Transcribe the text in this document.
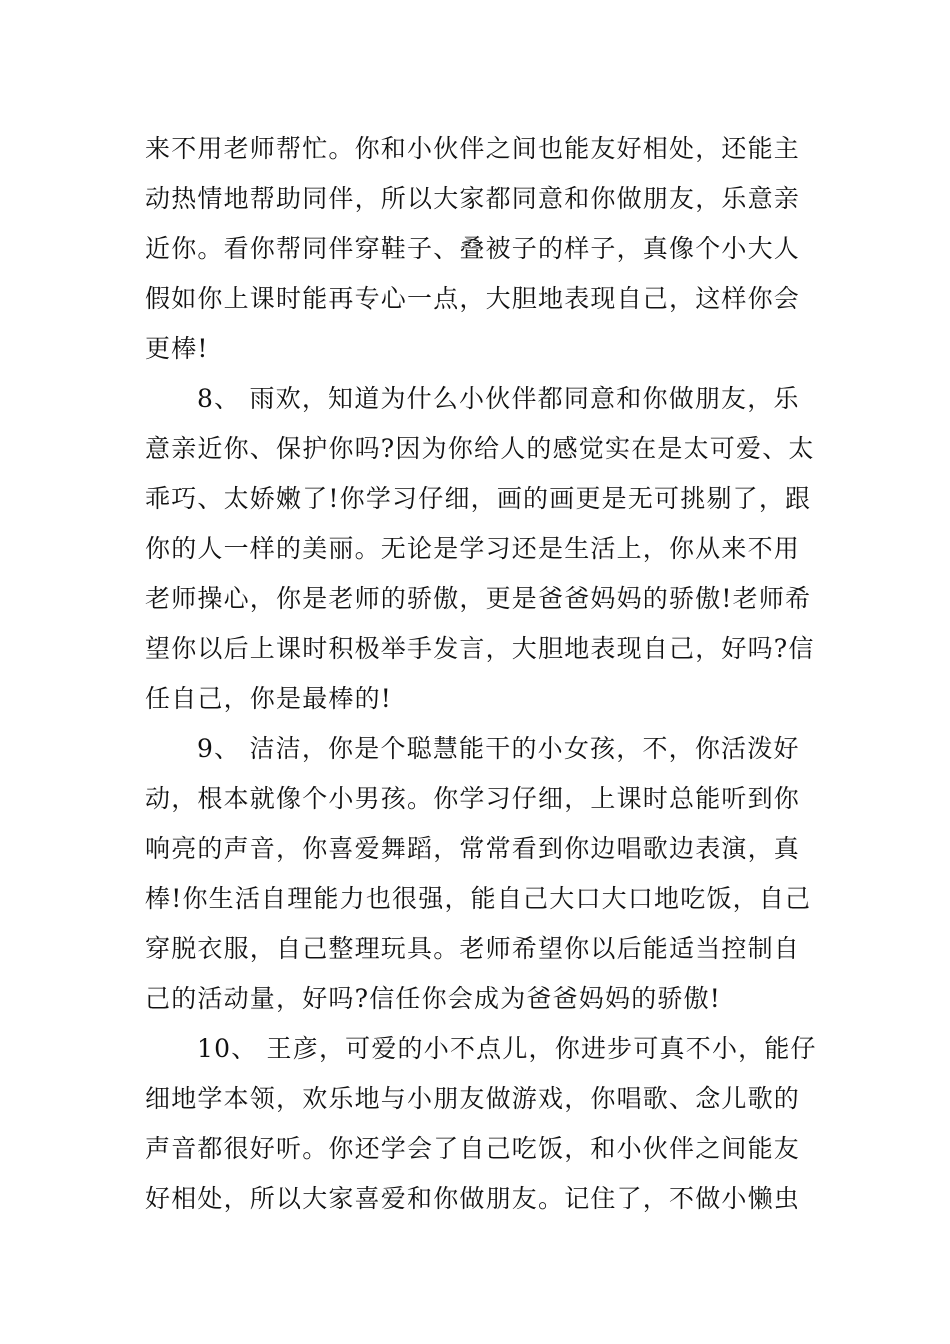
来不用老师帮忙。你和小伙伴之间也能友好相处，还能主
动热情地帮助同伴，所以大家都同意和你做朋友，乐意亲
近你。看你帮同伴穿鞋子、叠被子的样子，真像个小大人
假如你上课时能再专心一点，大胆地表现自己，这样你会
更棒!
8、 雨欢，知道为什么小伙伴都同意和你做朋友，乐
意亲近你、保护你吗?因为你给人的感觉实在是太可爱、太
乖巧、太娇嫩了!你学习仔细，画的画更是无可挑剔了，跟
你的人一样的美丽。无论是学习还是生活上，你从来不用
老师操心，你是老师的骄傲，更是爸爸妈妈的骄傲!老师希
望你以后上课时积极举手发言，大胆地表现自己，好吗?信
任自己，你是最棒的!
9、 洁洁，你是个聪慧能干的小女孩，不，你活泼好
动，根本就像个小男孩。你学习仔细，上课时总能听到你
响亮的声音，你喜爱舞蹈，常常看到你边唱歌边表演，真
棒!你生活自理能力也很强，能自己大口大口地吃饭，自己
穿脱衣服，自己整理玩具。老师希望你以后能适当控制自
己的活动量，好吗?信任你会成为爸爸妈妈的骄傲!
10、 王彦，可爱的小不点儿，你进步可真不小，能仔
细地学本领，欢乐地与小朋友做游戏，你唱歌、念儿歌的
声音都很好听。你还学会了自己吃饭，和小伙伴之间能友
好相处，所以大家喜爱和你做朋友。记住了，不做小懒虫
